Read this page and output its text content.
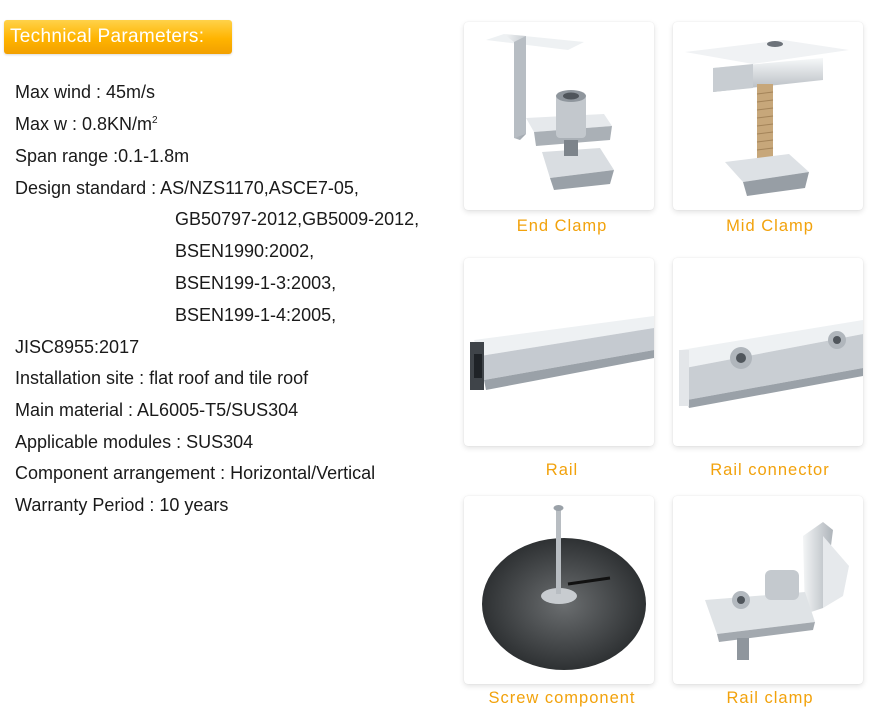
Technical Parameters:
Max wind : 45m/s
Max w : $0.8KN/m^2$
Span range :0.1-1.8m
Design standard : AS/NZS1170,ASCE7-05,
GB50797-2012,GB5009-2012,
BSEN1990:2002,
BSEN199-1-3:2003,
BSEN199-1-4:2005,
JISC8955:2017
Installation site : flat roof and tile roof
Main material : AL6005-T5/SUS304
Applicable modules : SUS304
Component arrangement : Horizontal/Vertical
Warranty Period : 10 years
End Clamp	Mid Clamp
Rail	Rail connector
Screw component	Rail clamp
